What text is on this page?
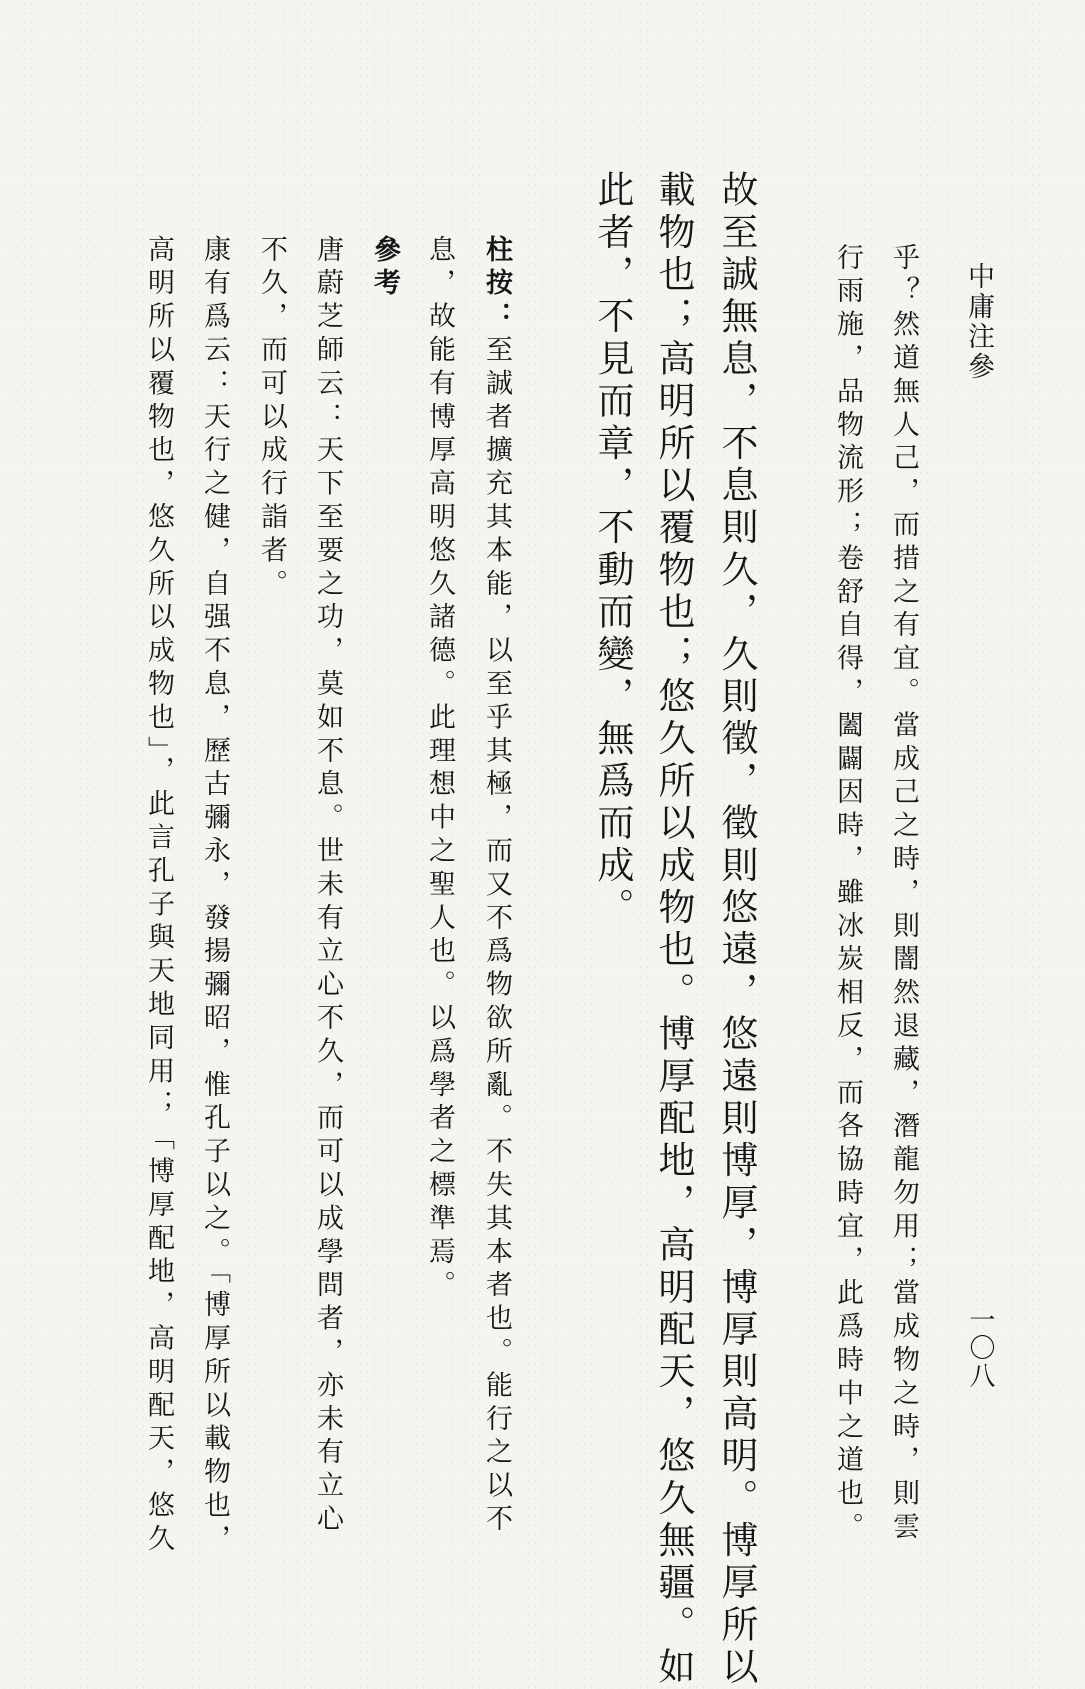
中庸注參
一〇八
乎？然道無人己，而措之有宜。當成己之時，則闇然退藏，潛龍勿用；當成物之時，則雲
行雨施，品物流形；卷舒自得，闔闢因時，雖冰炭相反，而各協時宜，此爲時中之道也。
故至誠無息，不息則久，久則徵，徵則悠遠，悠遠則博厚，博厚則高明。博厚所以
載物也；高明所以覆物也；悠久所以成物也。博厚配地，高明配天，悠久無疆。如
此者，不見而章，不動而變，無爲而成。
柱按：至誠者擴充其本能，以至乎其極，而又不爲物欲所亂。不失其本者也。能行之以不
息，故能有博厚高明悠久諸德。此理想中之聖人也。以爲學者之標準焉。
參考
唐蔚芝師云：天下至要之功，莫如不息。世未有立心不久，而可以成學問者，亦未有立心
不久，而可以成行詣者。
康有爲云：天行之健，自强不息，歷古彌永，發揚彌昭，惟孔子以之。「博厚所以載物也，
高明所以覆物也，悠久所以成物也」，此言孔子與天地同用；「博厚配地，高明配天，悠久
